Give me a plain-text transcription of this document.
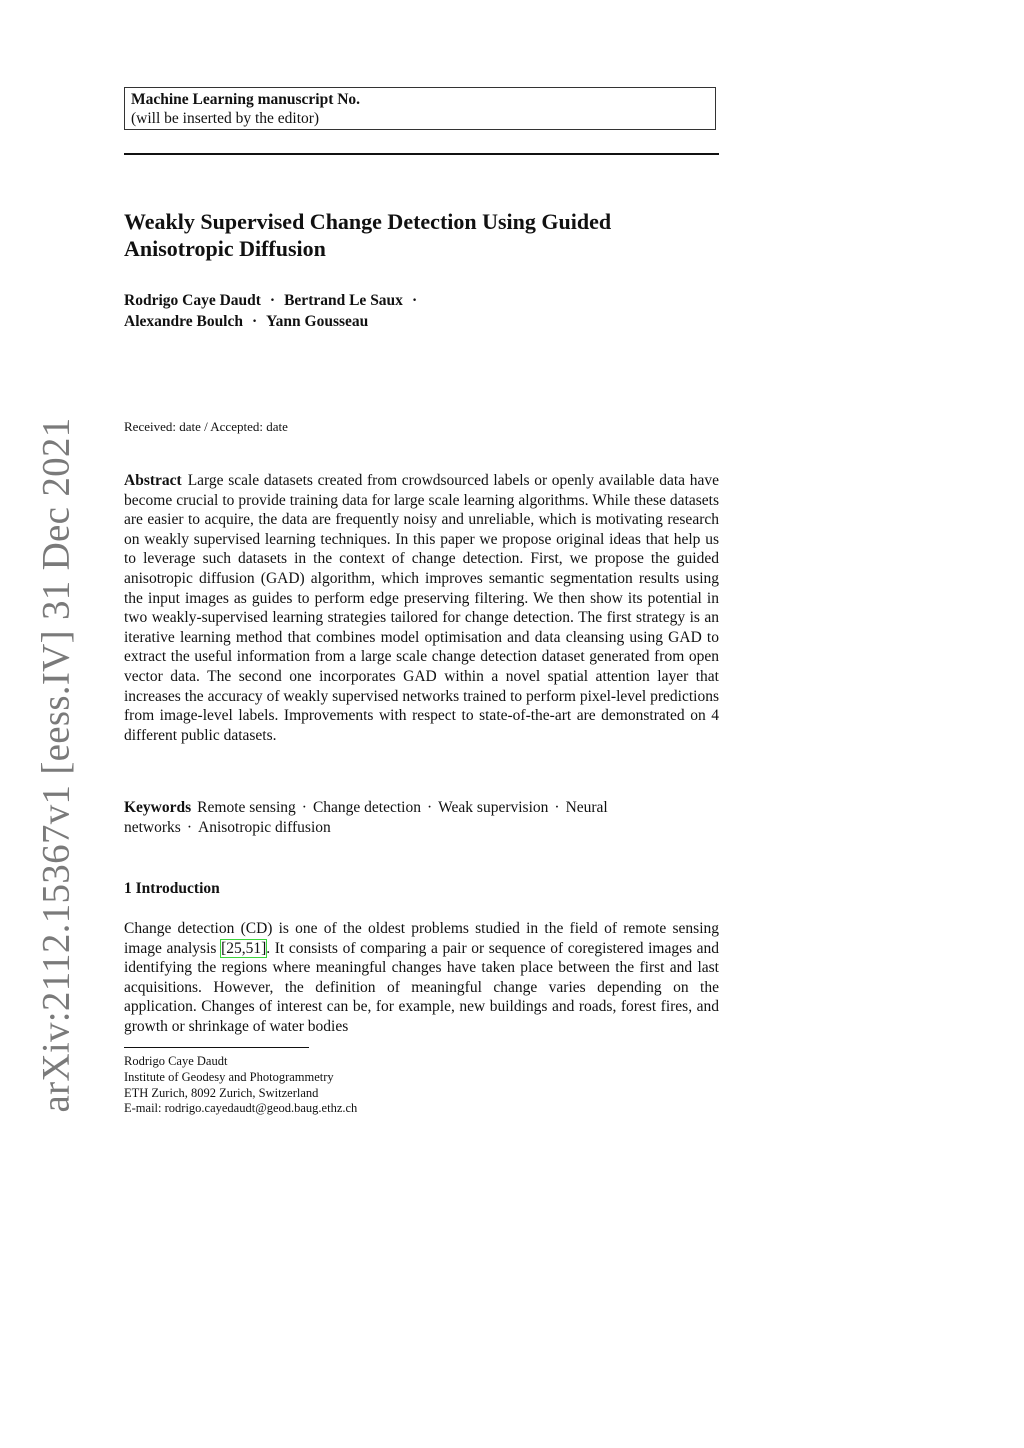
Machine Learning manuscript No.
(will be inserted by the editor)
Weakly Supervised Change Detection Using Guided Anisotropic Diffusion
Rodrigo Caye Daudt · Bertrand Le Saux ·
Alexandre Boulch · Yann Gousseau
Received: date / Accepted: date
Abstract Large scale datasets created from crowdsourced labels or openly available data have become crucial to provide training data for large scale learning algorithms. While these datasets are easier to acquire, the data are frequently noisy and unreliable, which is motivating research on weakly supervised learning techniques. In this paper we propose original ideas that help us to leverage such datasets in the context of change detection. First, we propose the guided anisotropic diffusion (GAD) algorithm, which improves semantic segmentation results using the input images as guides to perform edge preserving filtering. We then show its potential in two weakly-supervised learning strategies tailored for change detection. The first strategy is an iterative learning method that combines model optimisation and data cleansing using GAD to extract the useful information from a large scale change detection dataset generated from open vector data. The second one incorporates GAD within a novel spatial attention layer that increases the accuracy of weakly supervised networks trained to perform pixel-level predictions from image-level labels. Improvements with respect to state-of-the-art are demonstrated on 4 different public datasets.
Keywords Remote sensing · Change detection · Weak supervision · Neural networks · Anisotropic diffusion
1 Introduction
Change detection (CD) is one of the oldest problems studied in the field of remote sensing image analysis [25,51]. It consists of comparing a pair or sequence of coregistered images and identifying the regions where meaningful changes have taken place between the first and last acquisitions. However, the definition of meaningful change varies depending on the application. Changes of interest can be, for example, new buildings and roads, forest fires, and growth or shrinkage of water bodies
Rodrigo Caye Daudt
Institute of Geodesy and Photogrammetry
ETH Zurich, 8092 Zurich, Switzerland
E-mail: rodrigo.cayedaudt@geod.baug.ethz.ch
arXiv:2112.15367v1 [eess.IV] 31 Dec 2021
